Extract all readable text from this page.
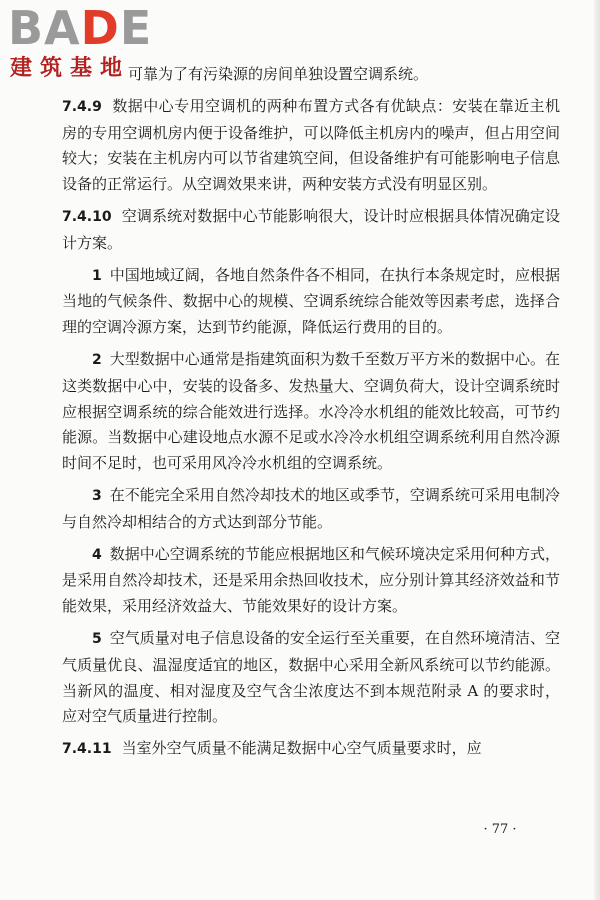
BADE
建筑基地

可靠为了有污染源的房间单独设置空调系统。

7.4.9 数据中心专用空调机的两种布置方式各有优缺点：安装在靠近主机房的专用空调机房内便于设备维护，可以降低主机房内的噪声，但占用空间较大；安装在主机房内可以节省建筑空间，但设备维护有可能影响电子信息设备的正常运行。从空调效果来讲，两种安装方式没有明显区别。

7.4.10 空调系统对数据中心节能影响很大，设计时应根据具体情况确定设计方案。

1 中国地域辽阔，各地自然条件各不相同，在执行本条规定时，应根据当地的气候条件、数据中心的规模、空调系统综合能效等因素考虑，选择合理的空调冷源方案，达到节约能源，降低运行费用的目的。

2 大型数据中心通常是指建筑面积为数千至数万平方米的数据中心。在这类数据中心中，安装的设备多、发热量大、空调负荷大，设计空调系统时应根据空调系统的综合能效进行选择。水冷冷水机组的能效比较高，可节约能源。当数据中心建设地点水源不足或水冷冷水机组空调系统利用自然冷源时间不足时，也可采用风冷冷水机组的空调系统。

3 在不能完全采用自然冷却技术的地区或季节，空调系统可采用电制冷与自然冷却相结合的方式达到部分节能。

4 数据中心空调系统的节能应根据地区和气候环境决定采用何种方式，是采用自然冷却技术，还是采用余热回收技术，应分别计算其经济效益和节能效果，采用经济效益大、节能效果好的设计方案。

5 空气质量对电子信息设备的安全运行至关重要，在自然环境清洁、空气质量优良、温湿度适宜的地区，数据中心采用全新风系统可以节约能源。当新风的温度、相对湿度及空气含尘浓度达不到本规范附录 A 的要求时，应对空气质量进行控制。

7.4.11 当室外空气质量不能满足数据中心空气质量要求时，应

· 77 ·
